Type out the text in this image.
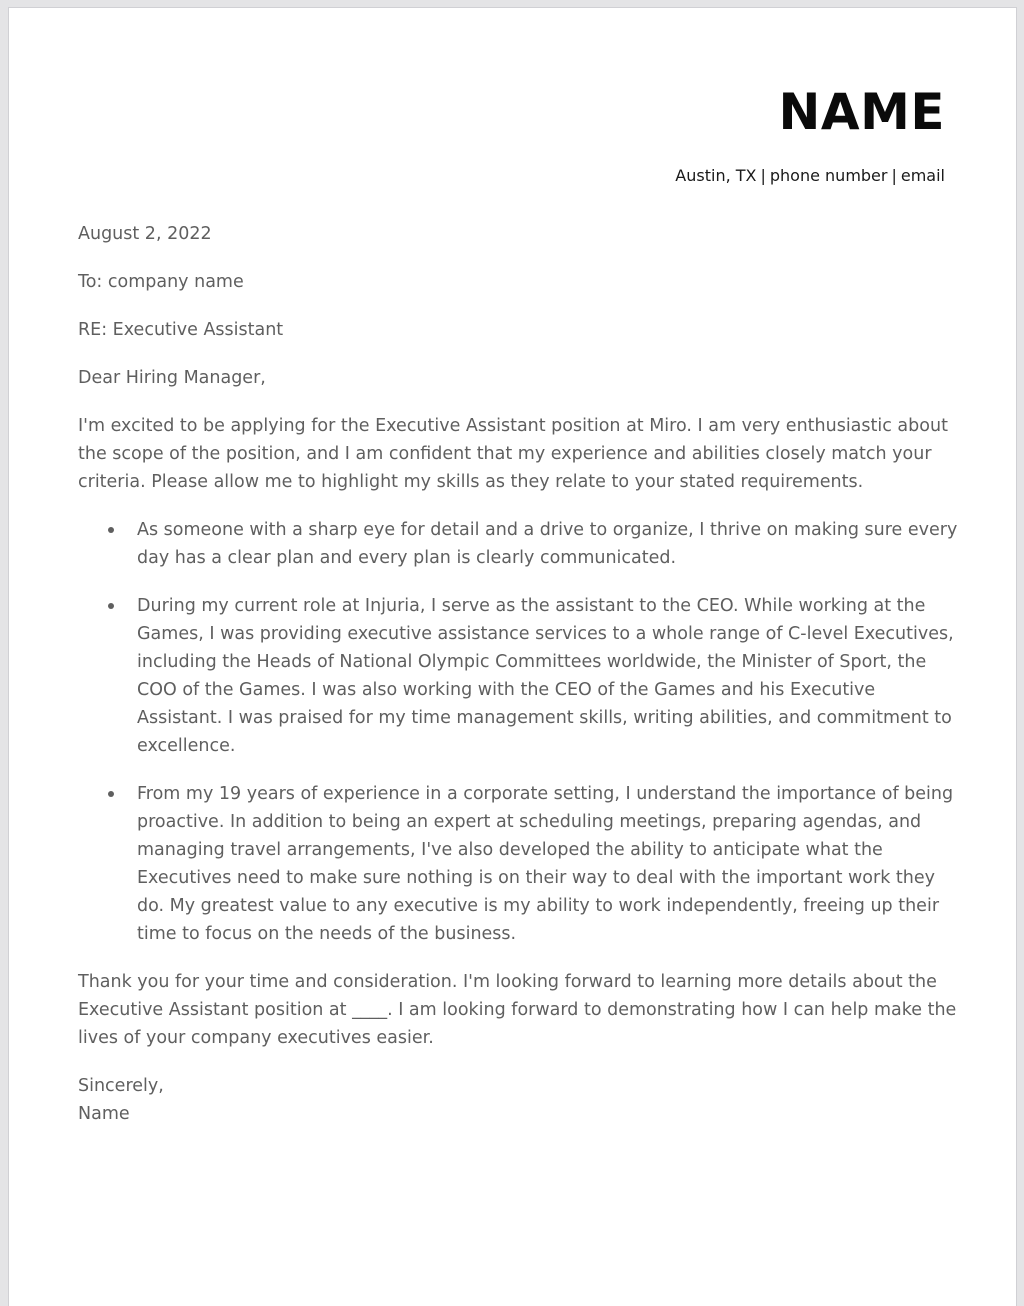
NAME
Austin, TX | phone number | email

August 2, 2022

To: company name

RE: Executive Assistant

Dear Hiring Manager,

I'm excited to be applying for the Executive Assistant position at Miro. I am very enthusiastic about the scope of the position, and I am confident that my experience and abilities closely match your criteria. Please allow me to highlight my skills as they relate to your stated requirements.

As someone with a sharp eye for detail and a drive to organize, I thrive on making sure every day has a clear plan and every plan is clearly communicated.
During my current role at Injuria, I serve as the assistant to the CEO. While working at the Games, I was providing executive assistance services to a whole range of C-level Executives, including the Heads of National Olympic Committees worldwide, the Minister of Sport, the COO of the Games. I was also working with the CEO of the Games and his Executive Assistant. I was praised for my time management skills, writing abilities, and commitment to excellence.
From my 19 years of experience in a corporate setting, I understand the importance of being proactive. In addition to being an expert at scheduling meetings, preparing agendas, and managing travel arrangements, I've also developed the ability to anticipate what the Executives need to make sure nothing is on their way to deal with the important work they do. My greatest value to any executive is my ability to work independently, freeing up their time to focus on the needs of the business.

Thank you for your time and consideration. I'm looking forward to learning more details about the Executive Assistant position at ____. I am looking forward to demonstrating how I can help make the lives of your company executives easier.

Sincerely,
Name
